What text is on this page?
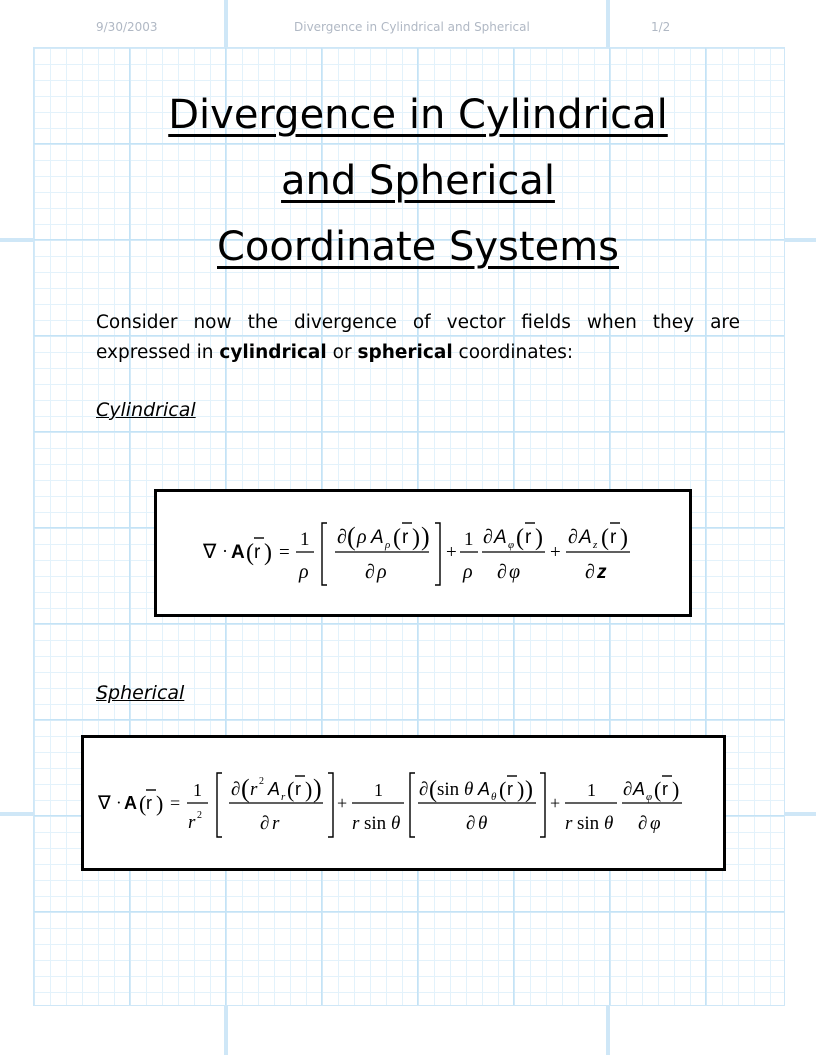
9/30/2003	Divergence in Cylindrical and Spherical	1/2
Divergence in Cylindrical
and Spherical
Coordinate Systems
Consider now the divergence of vector fields when they are expressed in cylindrical or spherical coordinates:
Cylindrical
∇ · A ( r ) =
1
ρ
∂ ( ρ A ρ ( r ) )
∂ ρ
+
1
ρ
∂ A φ ( r )
∂ φ
+
∂ A z ( r )
∂ z
Spherical
∇ · A ( r ) =
1
r 2
∂ ( r 2 A r ( r ) )
∂ r
+
1
r sin θ
∂ ( sin θ A θ ( r ) )
∂ θ
+
1
r sin θ
∂ A φ ( r )
∂ φ
